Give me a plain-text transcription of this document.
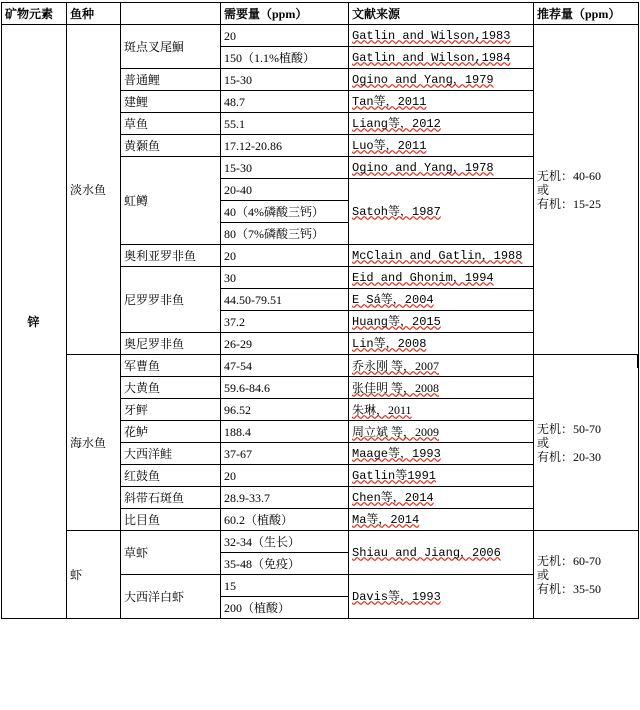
矿物元素	鱼种		需要量（ppm）	文献来源	推荐量（ppm）
锌	淡水鱼	斑点叉尾鮰	20	Gatlin and Wilson,1983	无机：40-60
或
有机：15-25

			150（1.1%植酸）	Gatlin and Wilson,1984	
		普通鲤	15-30	Ogino and Yang，1979	
		建鲤	48.7	Tan等，2011	
		草鱼	55.1	Liang等，2012	
		黄颡鱼	17.12-20.86	Luo等，2011	
		虹鳟	15-30	Ogino and Yang，1978	
			20-40	Satoh等，1987	
			40（4%磷酸三钙）		
			80（7%磷酸三钙）		
		奥利亚罗非鱼	20	McClain and Gatlin，1988	
		尼罗罗非鱼	30	Eid and Ghonim，1994	
			44.50-79.51	E Sá等，2004	
			37.2	Huang等，2015	
		奥尼罗非鱼	26-29	Lin等，2008	
	海水鱼	军曹鱼	47-54	乔永刚 等，2007	无机：50-70
或
有机：20-30

		大黄鱼	59.6-84.6	张佳明 等，2008	
		牙鲆	96.52	朱琳，2011	
		花鲈	188.4	周立斌 等，2009	
		大西洋鲑	37-67	Maage等，1993	
		红鼓鱼	20	Gatlin等1991	
		斜带石斑鱼	28.9-33.7	Chen等，2014	
		比目鱼	60.2（植酸）	Ma等，2014	
	虾	草虾	32-34（生长）	Shiau and Jiang，2006	无机：60-70
或
有机：35-50

			35-48（免疫）		
		大西洋白虾	15	Davis等，1993	
			200（植酸）		
